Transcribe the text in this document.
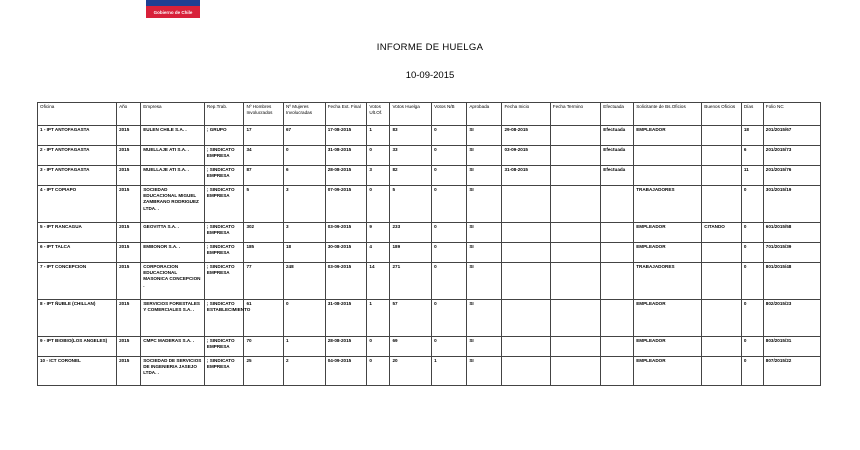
Gobierno de Chile
INFORME DE HUELGA
10-09-2015
Oficina	Año	Empresa	Rep.Trab.	Nº Hombres Involucrados	Nº Mujeres Involucradas	Fecha Ext. Final	Votos Ult.Of.	Votos Huelga	Votos N/B	Aprobada	Fecha Inicio	Fecha Termino	Efectuada	Solicitante de Bs.Oficios	Buenos Oficios	Días	Folio NC
1 - IPT ANTOFAGASTA	2015	EULEN CHILE S.A. .	; GRUPO	17	67	17-08-2015	1	83	0	SI	29-08-2015		Efectuada	EMPLEADOR		18	201/2015/67
2 - IPT ANTOFAGASTA	2015	MUELLAJE ATI S.A. .	; SINDICATO EMPRESA	34	0	31-08-2015	0	33	0	SI	03-09-2015		Efectuada			6	201/2015/73
3 - IPT ANTOFAGASTA	2015	MUELLAJE ATI S.A. .	; SINDICATO EMPRESA	87	6	28-08-2015	3	82	0	SI	31-08-2015		Efectuada			11	201/2015/76
4 - IPT COPIAPO	2015	SOCIEDAD EDUCACIONAL MIGUEL ZAMBRANO RODRIGUEZ LTDA. .	; SINDICATO EMPRESA	5	3	07-09-2015	0	5	0	SI				TRABAJADORES		0	301/2015/19
5 - IPT RANCAGUA	2015	GEOVITTA S.A. .	; SINDICATO EMPRESA	302	3	03-09-2015	9	233	0	SI				EMPLEADOR	CITANDO	0	601/2015/58
6 - IPT TALCA	2015	EMBONOR S.A. .	; SINDICATO EMPRESA	185	18	30-08-2015	4	189	0	SI				EMPLEADOR		0	701/2015/39
7 - IPT CONCEPCION	2015	CORPORACION EDUCACIONAL MASONICA CONCEPCION .	; SINDICATO EMPRESA	77	248	03-09-2015	14	271	0	SI				TRABAJADORES		0	801/2015/48
8 - IPT ÑUBLE (CHILLAN)	2015	SERVICIOS FORESTALES Y COMERCIALES S.A. .	; SINDICATO ESTABLECIMIENTO	61	0	31-08-2015	1	57	0	SI				EMPLEADOR		0	802/2015/23
9 - IPT BIOBIO(LOS ANGELES)	2015	CMPC MADERAS S.A. .	; SINDICATO EMPRESA	70	1	28-08-2015	0	69	0	SI				EMPLEADOR		0	803/2015/31
10 - ICT CORONEL	2015	SOCIEDAD DE SERVICIOS DE INGENIERIA JASEJO LTDA. .	; SINDICATO EMPRESA	25	2	04-09-2015	0	20	1	SI				EMPLEADOR		0	807/2015/22
